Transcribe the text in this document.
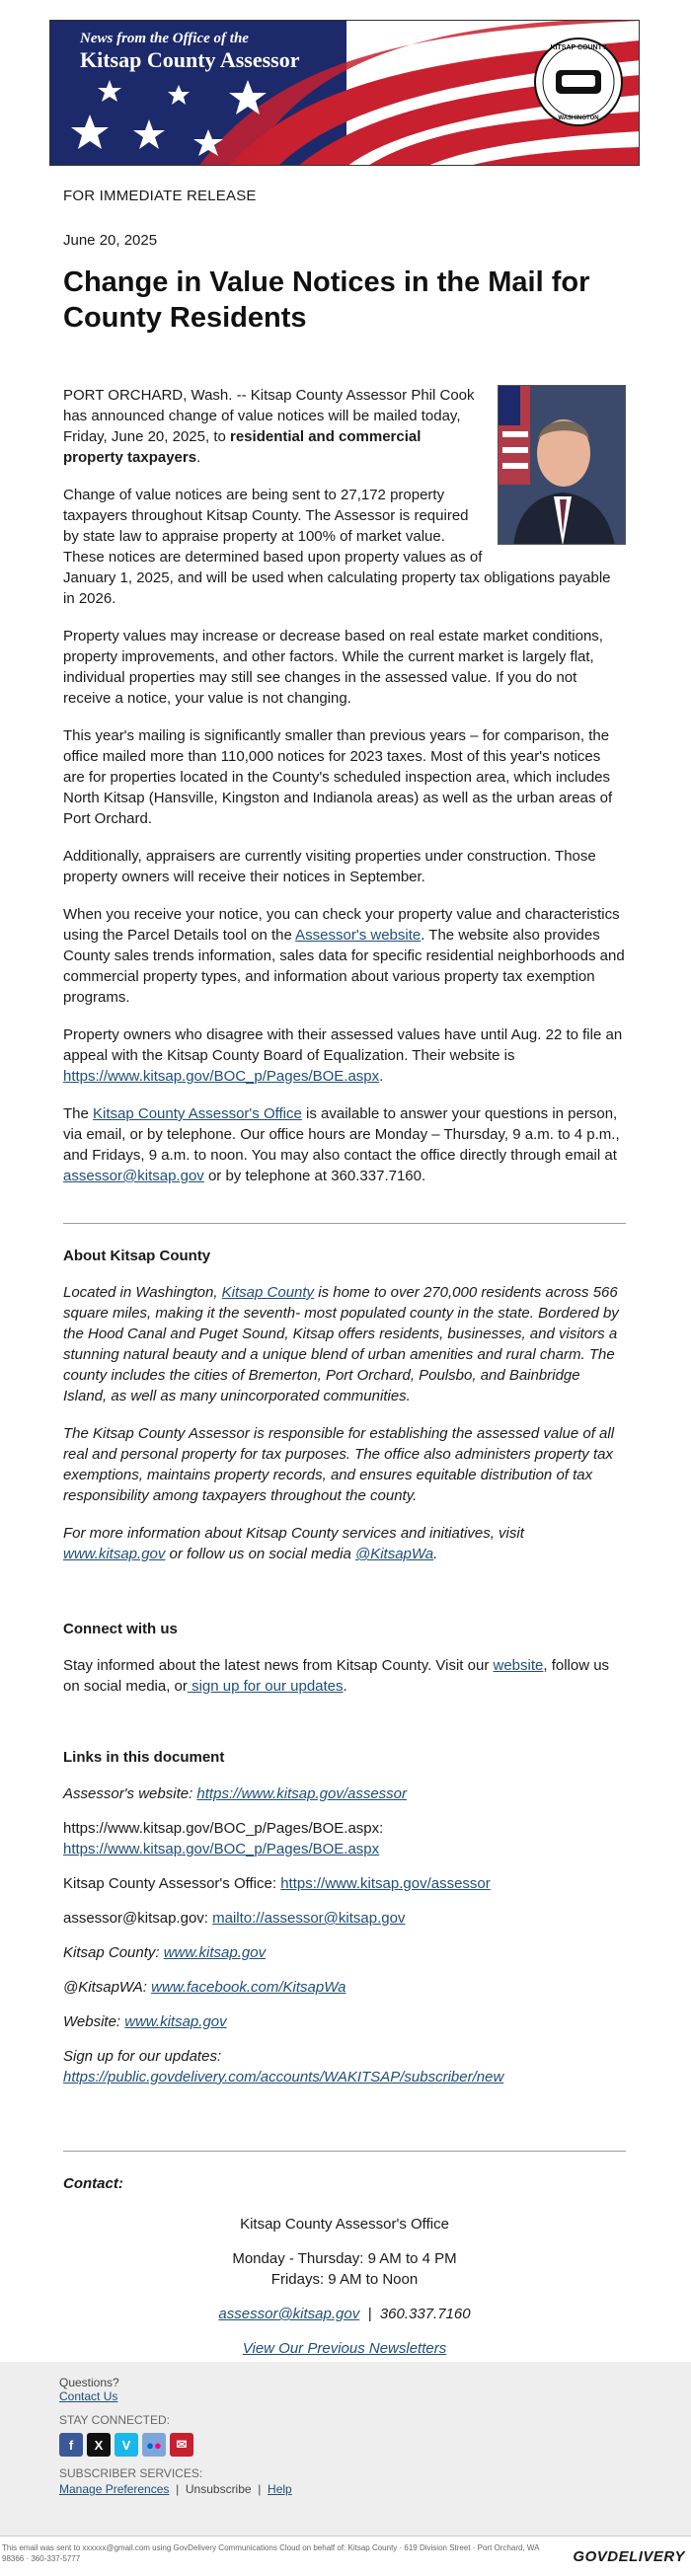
News from the Office of the
Kitsap County Assessor	KITSAP COUNTY
WASHINGTON
FOR IMMEDIATE RELEASE
June 20, 2025
Change in Value Notices in the Mail for County Residents

PORT ORCHARD, Wash. -- Kitsap County Assessor Phil Cook has announced change of value notices will be mailed today, Friday, June 20, 2025, to residential and commercial property taxpayers.

Change of value notices are being sent to 27,172 property taxpayers throughout Kitsap County. The Assessor is required by state law to appraise property at 100% of market value. These notices are determined based upon property values as of January 1, 2025, and will be used when calculating property tax obligations payable in 2026.

Property values may increase or decrease based on real estate market conditions, property improvements, and other factors. While the current market is largely flat, individual properties may still see changes in the assessed value. If you do not receive a notice, your value is not changing.

This year's mailing is significantly smaller than previous years – for comparison, the office mailed more than 110,000 notices for 2023 taxes. Most of this year's notices are for properties located in the County's scheduled inspection area, which includes North Kitsap (Hansville, Kingston and Indianola areas) as well as the urban areas of Port Orchard.

Additionally, appraisers are currently visiting properties under construction. Those property owners will receive their notices in September.

When you receive your notice, you can check your property value and characteristics using the Parcel Details tool on the Assessor's website. The website also provides County sales trends information, sales data for specific residential neighborhoods and commercial property types, and information about various property tax exemption programs.

Property owners who disagree with their assessed values have until Aug. 22 to file an appeal with the Kitsap County Board of Equalization. Their website is https://www.kitsap.gov/BOC_p/Pages/BOE.aspx.

The Kitsap County Assessor's Office is available to answer your questions in person, via email, or by telephone. Our office hours are Monday – Thursday, 9 a.m. to 4 p.m., and Fridays, 9 a.m. to noon. You may also contact the office directly through email at assessor@kitsap.gov or by telephone at 360.337.7160.

About Kitsap County

Located in Washington, Kitsap County is home to over 270,000 residents across 566 square miles, making it the seventh- most populated county in the state. Bordered by the Hood Canal and Puget Sound, Kitsap offers residents, businesses, and visitors a stunning natural beauty and a unique blend of urban amenities and rural charm. The county includes the cities of Bremerton, Port Orchard, Poulsbo, and Bainbridge Island, as well as many unincorporated communities.

The Kitsap County Assessor is responsible for establishing the assessed value of all real and personal property for tax purposes. The office also administers property tax exemptions, maintains property records, and ensures equitable distribution of tax responsibility among taxpayers throughout the county.

For more information about Kitsap County services and initiatives, visit www.kitsap.gov or follow us on social media @KitsapWa.

Connect with us

Stay informed about the latest news from Kitsap County. Visit our website, follow us on social media, or sign up for our updates.

Links in this document
Assessor's website: https://www.kitsap.gov/assessor
https://www.kitsap.gov/BOC_p/Pages/BOE.aspx: https://www.kitsap.gov/BOC_p/Pages/BOE.aspx
Kitsap County Assessor's Office: https://www.kitsap.gov/assessor
assessor@kitsap.gov: mailto://assessor@kitsap.gov
Kitsap County: www.kitsap.gov
@KitsapWA: www.facebook.com/KitsapWa
Website: www.kitsap.gov
Sign up for our updates: https://public.govdelivery.com/accounts/WAKITSAP/subscriber/new
Contact:
Kitsap County Assessor's Office
Monday - Thursday: 9 AM to 4 PM
Fridays: 9 AM to Noon
assessor@kitsap.gov | 360.337.7160
View Our Previous Newsletters
Questions?
Contact Us
STAY CONNECTED:
f	X	V	● ●	✉
SUBSCRIBER SERVICES:
Manage Preferences | Unsubscribe | Help
This email was sent to xxxxxx@gmail.com using GovDelivery Communications Cloud on behalf of: Kitsap County · 619 Division Street · Port Orchard, WA 98366 · 360-337-5777	GOVDELIVERY
